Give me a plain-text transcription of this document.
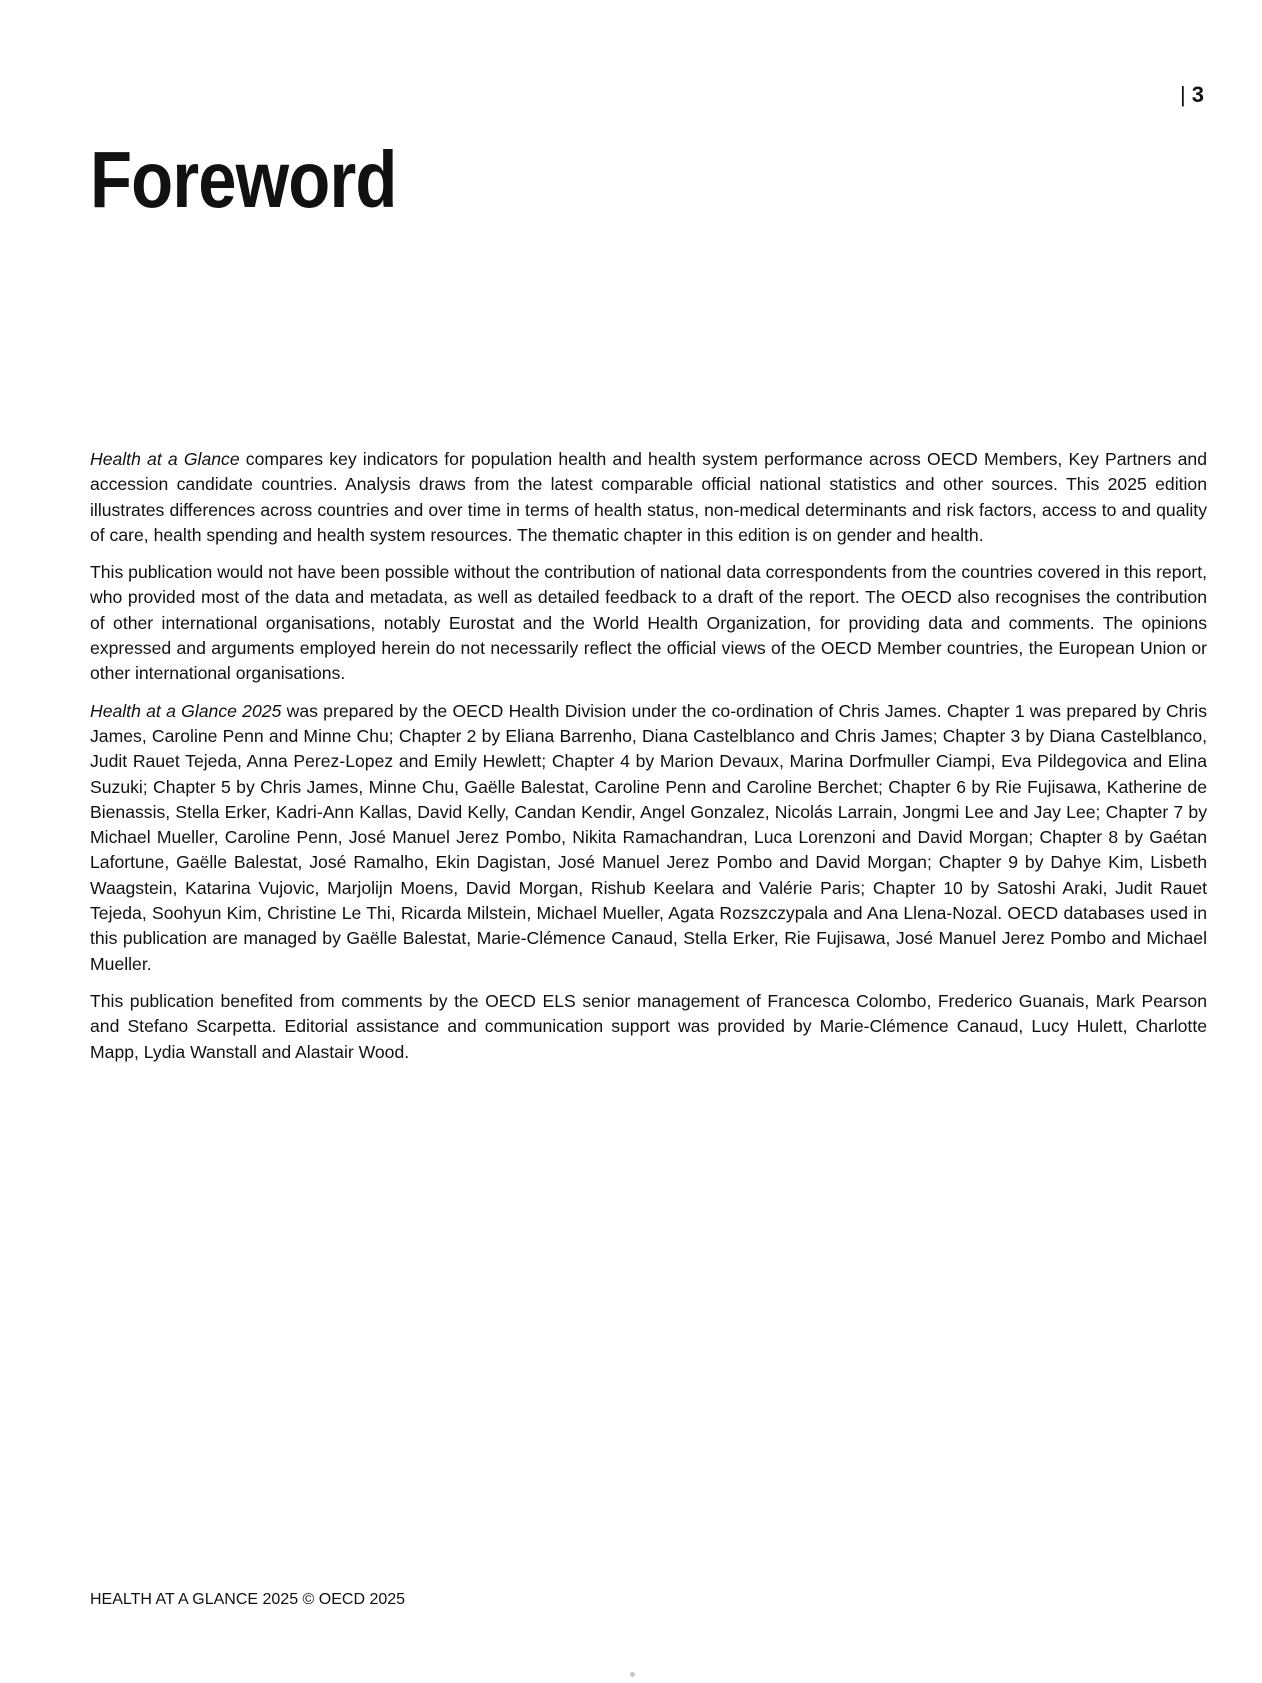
| 3
Foreword

Health at a Glance compares key indicators for population health and health system performance across OECD Members, Key Partners and accession candidate countries. Analysis draws from the latest comparable official national statistics and other sources. This 2025 edition illustrates differences across countries and over time in terms of health status, non-medical determinants and risk factors, access to and quality of care, health spending and health system resources. The thematic chapter in this edition is on gender and health.

This publication would not have been possible without the contribution of national data correspondents from the countries covered in this report, who provided most of the data and metadata, as well as detailed feedback to a draft of the report. The OECD also recognises the contribution of other international organisations, notably Eurostat and the World Health Organization, for providing data and comments. The opinions expressed and arguments employed herein do not necessarily reflect the official views of the OECD Member countries, the European Union or other international organisations.

Health at a Glance 2025 was prepared by the OECD Health Division under the co-ordination of Chris James. Chapter 1 was prepared by Chris James, Caroline Penn and Minne Chu; Chapter 2 by Eliana Barrenho, Diana Castelblanco and Chris James; Chapter 3 by Diana Castelblanco, Judit Rauet Tejeda, Anna Perez-Lopez and Emily Hewlett; Chapter 4 by Marion Devaux, Marina Dorfmuller Ciampi, Eva Pildegovica and Elina Suzuki; Chapter 5 by Chris James, Minne Chu, Gaëlle Balestat, Caroline Penn and Caroline Berchet; Chapter 6 by Rie Fujisawa, Katherine de Bienassis, Stella Erker, Kadri-Ann Kallas, David Kelly, Candan Kendir, Angel Gonzalez, Nicolás Larrain, Jongmi Lee and Jay Lee; Chapter 7 by Michael Mueller, Caroline Penn, José Manuel Jerez Pombo, Nikita Ramachandran, Luca Lorenzoni and David Morgan; Chapter 8 by Gaétan Lafortune, Gaëlle Balestat, José Ramalho, Ekin Dagistan, José Manuel Jerez Pombo and David Morgan; Chapter 9 by Dahye Kim, Lisbeth Waagstein, Katarina Vujovic, Marjolijn Moens, David Morgan, Rishub Keelara and Valérie Paris; Chapter 10 by Satoshi Araki, Judit Rauet Tejeda, Soohyun Kim, Christine Le Thi, Ricarda Milstein, Michael Mueller, Agata Rozszczypala and Ana Llena-Nozal. OECD databases used in this publication are managed by Gaëlle Balestat, Marie-Clémence Canaud, Stella Erker, Rie Fujisawa, José Manuel Jerez Pombo and Michael Mueller.

This publication benefited from comments by the OECD ELS senior management of Francesca Colombo, Frederico Guanais, Mark Pearson and Stefano Scarpetta. Editorial assistance and communication support was provided by Marie-Clémence Canaud, Lucy Hulett, Charlotte Mapp, Lydia Wanstall and Alastair Wood.

HEALTH AT A GLANCE 2025 © OECD 2025
